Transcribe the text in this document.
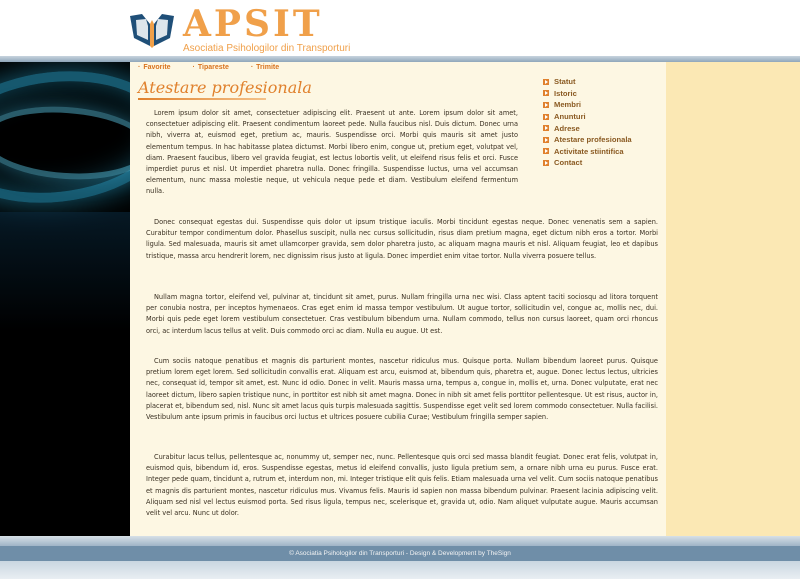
APSIT
Asociatia Psihologilor din Transporturi
· Favorite	· Tipareste	· Trimite
Atestare profesionala	Statut
Istoric
Membri
Anunturi
Adrese
Atestare profesionala
Activitate stiintifica
Contact

Lorem ipsum dolor sit amet, consectetuer adipiscing elit. Praesent ut ante. Lorem ipsum dolor sit amet, consectetuer adipiscing elit. Praesent condimentum laoreet pede. Nulla faucibus nisl. Duis dictum. Donec urna nibh, viverra at, euismod eget, pretium ac, mauris. Suspendisse orci. Morbi quis mauris sit amet justo elementum tempus. In hac habitasse platea dictumst. Morbi libero enim, congue ut, pretium eget, volutpat vel, diam. Praesent faucibus, libero vel gravida feugiat, est lectus lobortis velit, ut eleifend risus felis et orci. Fusce imperdiet purus et nisl. Ut imperdiet pharetra nulla. Donec fringilla. Suspendisse luctus, urna vel accumsan elementum, nunc massa molestie neque, ut vehicula neque pede et diam. Vestibulum eleifend fermentum nulla.

Donec consequat egestas dui. Suspendisse quis dolor ut ipsum tristique iaculis. Morbi tincidunt egestas neque. Donec venenatis sem a sapien. Curabitur tempor condimentum dolor. Phasellus suscipit, nulla nec cursus sollicitudin, risus diam pretium magna, eget dictum nibh eros a tortor. Morbi ligula. Sed malesuada, mauris sit amet ullamcorper gravida, sem dolor pharetra justo, ac aliquam magna mauris et nisl. Aliquam feugiat, leo et dapibus tristique, massa arcu hendrerit lorem, nec dignissim risus justo at ligula. Donec imperdiet enim vitae tortor. Nulla viverra posuere tellus.

Nullam magna tortor, eleifend vel, pulvinar at, tincidunt sit amet, purus. Nullam fringilla urna nec wisi. Class aptent taciti sociosqu ad litora torquent per conubia nostra, per inceptos hymenaeos. Cras eget enim id massa tempor vestibulum. Ut augue tortor, sollicitudin vel, congue ac, mollis nec, dui. Morbi quis pede eget lorem vestibulum consectetuer. Cras vestibulum bibendum urna. Nullam commodo, tellus non cursus laoreet, quam orci rhoncus orci, ac interdum lacus tellus at velit. Duis commodo orci ac diam. Nulla eu augue. Ut est.

Cum sociis natoque penatibus et magnis dis parturient montes, nascetur ridiculus mus. Quisque porta. Nullam bibendum laoreet purus. Quisque pretium lorem eget lorem. Sed sollicitudin convallis erat. Aliquam est arcu, euismod at, bibendum quis, pharetra et, augue. Donec lectus lectus, ultricies nec, consequat id, tempor sit amet, est. Nunc id odio. Donec in velit. Mauris massa urna, tempus a, congue in, mollis et, urna. Donec vulputate, erat nec laoreet dictum, libero sapien tristique nunc, in porttitor est nibh sit amet magna. Donec in nibh sit amet felis porttitor pellentesque. Ut est risus, auctor in, placerat et, bibendum sed, nisl. Nunc sit amet lacus quis turpis malesuada sagittis. Suspendisse eget velit sed lorem commodo consectetuer. Nulla facilisi. Vestibulum ante ipsum primis in faucibus orci luctus et ultrices posuere cubilia Curae; Vestibulum fringilla semper sapien.

Curabitur lacus tellus, pellentesque ac, nonummy ut, semper nec, nunc. Pellentesque quis orci sed massa blandit feugiat. Donec erat felis, volutpat in, euismod quis, bibendum id, eros. Suspendisse egestas, metus id eleifend convallis, justo ligula pretium sem, a ornare nibh urna eu purus. Fusce erat. Integer pede quam, tincidunt a, rutrum et, interdum non, mi. Integer tristique elit quis felis. Etiam malesuada urna vel velit. Cum sociis natoque penatibus et magnis dis parturient montes, nascetur ridiculus mus. Vivamus felis. Mauris id sapien non massa bibendum pulvinar. Praesent lacinia adipiscing velit. Aliquam sed nisl vel lectus euismod porta. Sed risus ligula, tempus nec, scelerisque et, gravida ut, odio. Nam aliquet vulputate augue. Mauris accumsan velit vel arcu. Nunc ut dolor.

© Asociatia Psihologilor din Transporturi - Design & Development by TheSign
